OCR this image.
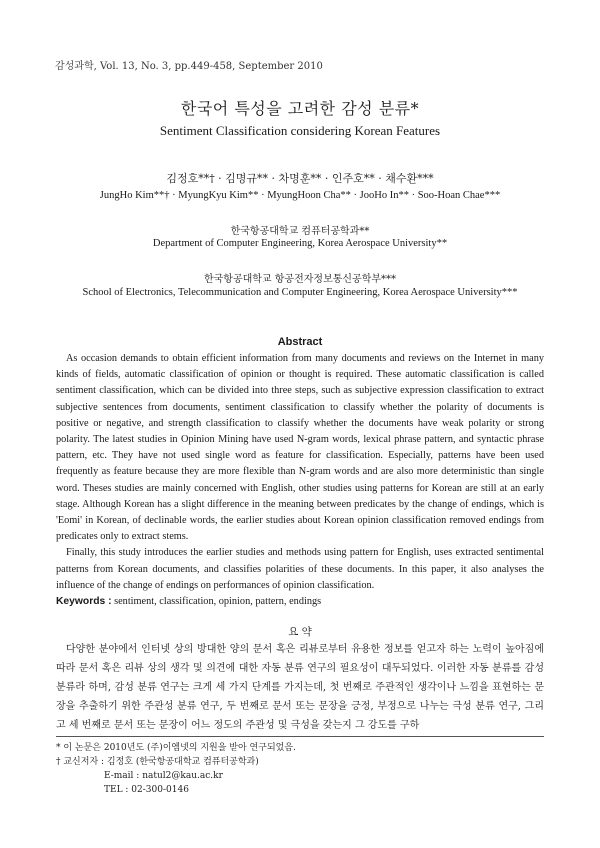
감성과학, Vol. 13, No. 3, pp.449-458, September 2010
한국어 특성을 고려한 감성 분류*
Sentiment Classification considering Korean Features
김정호**† · 김명규** · 차명훈** · 인주호** · 채수환***
JungHo Kim**† · MyungKyu Kim** · MyungHoon Cha** · JooHo In** · Soo-Hoan Chae***
한국항공대학교 컴퓨터공학과**
Department of Computer Engineering, Korea Aerospace University**
한국항공대학교 항공전자정보통신공학부***
School of Electronics, Telecommunication and Computer Engineering, Korea Aerospace University***
Abstract

As occasion demands to obtain efficient information from many documents and reviews on the Internet in many kinds of fields, automatic classification of opinion or thought is required. These automatic classification is called sentiment classification, which can be divided into three steps, such as subjective expression classification to extract subjective sentences from documents, sentiment classification to classify whether the polarity of documents is positive or negative, and strength classification to classify whether the documents have weak polarity or strong polarity. The latest studies in Opinion Mining have used N-gram words, lexical phrase pattern, and syntactic phrase pattern, etc. They have not used single word as feature for classification. Especially, patterns have been used frequently as feature because they are more flexible than N-gram words and are also more deterministic than single word. Theses studies are mainly concerned with English, other studies using patterns for Korean are still at an early stage. Although Korean has a slight difference in the meaning between predicates by the change of endings, which is 'Eomi' in Korean, of declinable words, the earlier studies about Korean opinion classification removed endings from predicates only to extract stems.

Finally, this study introduces the earlier studies and methods using pattern for English, uses extracted sentimental patterns from Korean documents, and classifies polarities of these documents. In this paper, it also analyses the influence of the change of endings on performances of opinion classification.

Keywords : sentiment, classification, opinion, pattern, endings
요 약

다양한 분야에서 인터넷 상의 방대한 양의 문서 혹은 리뷰로부터 유용한 정보를 얻고자 하는 노력이 높아짐에 따라 문서 혹은 리뷰 상의 생각 및 의견에 대한 자동 분류 연구의 필요성이 대두되었다. 이러한 자동 분류를 감성 분류라 하며, 감성 분류 연구는 크게 세 가지 단계를 가지는데, 첫 번째로 주관적인 생각이나 느낌을 표현하는 문장을 추출하기 위한 주관성 분류 연구, 두 번째로 문서 또는 문장을 긍정, 부정으로 나누는 극성 분류 연구, 그리고 세 번째로 문서 또는 문장이 어느 정도의 주관성 및 극성을 갖는지 그 강도를 구하

* 이 논문은 2010년도 (주)이엠넷의 지원을 받아 연구되었음.
† 교신저자 : 김정호 (한국항공대학교 컴퓨터공학과)
E-mail : natul2@kau.ac.kr
TEL : 02-300-0146
